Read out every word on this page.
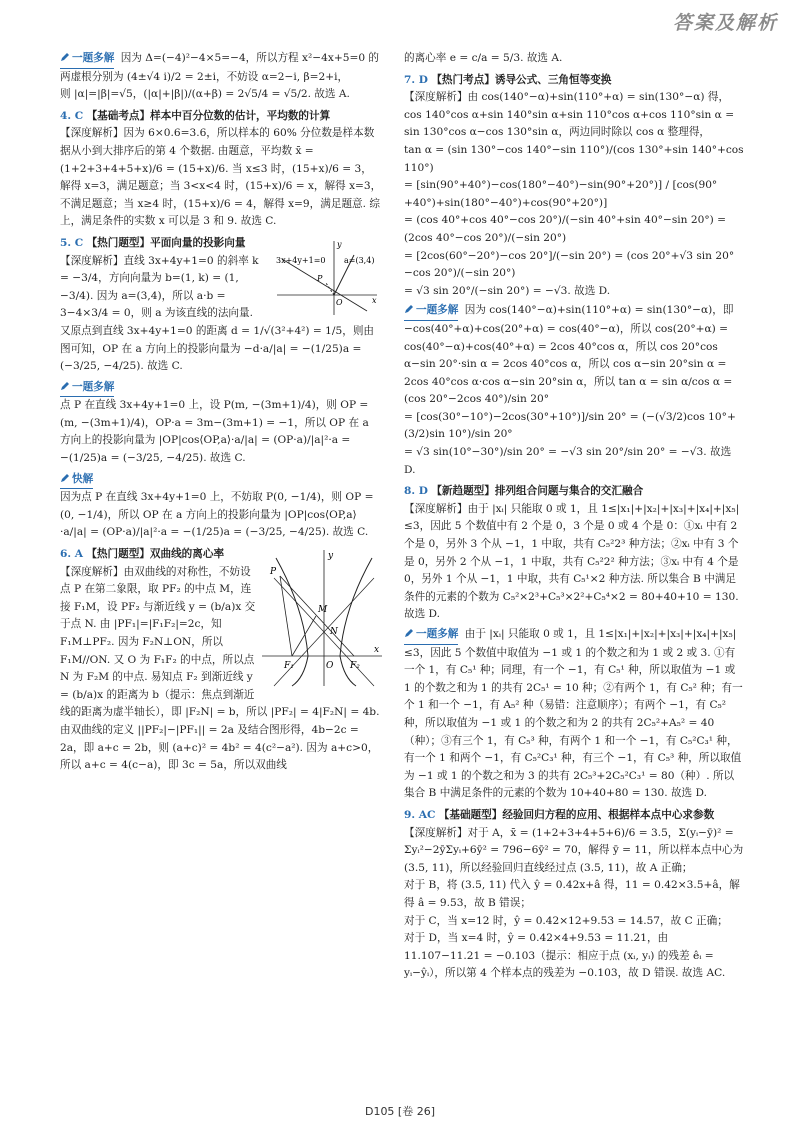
答案及解析
一题多解 因为 Δ=(−4)²−4×5=−4，所以方程 x²−4x+5=0 的两虚根分别为 (4±√4 i)/2 = 2±i，不妨设 α=2−i, β=2+i，
则 |α|=|β|=√5，(|α|+|β|)/(α+β) = 2√5/4 = √5/2. 故选 A.
4. C 【基础考点】样本中百分位数的估计，平均数的计算
【深度解析】因为 6×0.6=3.6，所以样本的 60% 分位数是样本数据从小到大排序后的第 4 个数据. 由题意，平均数 x̄ = (1+2+3+4+5+x)/6 = (15+x)/6. 当 x≤3 时，(15+x)/6 = 3，解得 x=3，满足题意；当 3<x<4 时，(15+x)/6 = x，解得 x=3，不满足题意；当 x≥4 时，(15+x)/6 = 4，解得 x=9，满足题意. 综上，满足条件的实数 x 可以是 3 和 9. 故选 C.
5. C 【热门题型】平面向量的投影向量
3x+4y+1=0 a=(3,4)
P
O	x
y
【深度解析】直线 3x+4y+1=0 的斜率 k = −3/4，方向向量为 b=(1, k) = (1, −3/4). 因为 a=(3,4)，所以 a·b = 3−4×3/4 = 0，则 a 为该直线的法向量.
又原点到直线 3x+4y+1=0 的距离 d = 1/√(3²+4²) = 1/5，则由图可知，OP 在 a 方向上的投影向量为 −d·a/|a| = −(1/25)a = (−3/25, −4/25). 故选 C.
一题多解
点 P 在直线 3x+4y+1=0 上，设 P(m, −(3m+1)/4)，则 OP = (m, −(3m+1)/4)，OP·a = 3m−(3m+1) = −1，所以 OP 在 a 方向上的投影向量为 |OP|cos⟨OP,a⟩·a/|a| = (OP·a)/|a|²·a = −(1/25)a = (−3/25, −4/25). 故选 C.
快解
因为点 P 在直线 3x+4y+1=0 上，不妨取 P(0, −1/4)，则 OP = (0, −1/4)，所以 OP 在 a 方向上的投影向量为 |OP|cos⟨OP,a⟩·a/|a| = (OP·a)/|a|²·a = −(1/25)a = (−3/25, −4/25). 故选 C.
6. A 【热门题型】双曲线的离心率
P
M
N
F₁	O F₂
x
y
【深度解析】由双曲线的对称性，不妨设点 P 在第二象限，取 PF₂ 的中点 M，连接 F₁M，设 PF₂ 与渐近线 y = (b/a)x 交于点 N. 由 |PF₁|=|F₁F₂|=2c，知 F₁M⊥PF₂. 因为 F₂N⊥ON，所以 F₁M//ON. 又 O 为 F₁F₂ 的中点，所以点 N 为 F₂M 的中点. 易知点 F₂ 到渐近线 y = (b/a)x 的距离为 b（提示：焦点到渐近线的距离为虚半轴长），即 |F₂N| = b，所以 |PF₂| = 4|F₂N| = 4b. 由双曲线的定义 ||PF₂|−|PF₁|| = 2a 及结合图形得，4b−2c = 2a，即 a+c = 2b，则 (a+c)² = 4b² = 4(c²−a²). 因为 a+c>0，所以 a+c = 4(c−a)，即 3c = 5a，所以双曲线
的离心率 e = c/a = 5/3. 故选 A.
7. D 【热门考点】诱导公式、三角恒等变换
【深度解析】由 cos(140°−α)+sin(110°+α) = sin(130°−α) 得，cos 140°cos α+sin 140°sin α+sin 110°cos α+cos 110°sin α = sin 130°cos α−cos 130°sin α，两边同时除以 cos α 整理得，
tan α = (sin 130°−cos 140°−sin 110°)/(cos 130°+sin 140°+cos 110°)
= [sin(90°+40°)−cos(180°−40°)−sin(90°+20°)] / [cos(90°+40°)+sin(180°−40°)+cos(90°+20°)]
= (cos 40°+cos 40°−cos 20°)/(−sin 40°+sin 40°−sin 20°) = (2cos 40°−cos 20°)/(−sin 20°)
= [2cos(60°−20°)−cos 20°]/(−sin 20°) = (cos 20°+√3 sin 20°−cos 20°)/(−sin 20°)
= √3 sin 20°/(−sin 20°) = −√3. 故选 D.
一题多解 因为 cos(140°−α)+sin(110°+α) = sin(130°−α)，即 −cos(40°+α)+cos(20°+α) = cos(40°−α)，所以 cos(20°+α) = cos(40°−α)+cos(40°+α) = 2cos 40°cos α，所以 cos 20°cos α−sin 20°·sin α = 2cos 40°cos α，所以 cos α−sin 20°sin α = 2cos 40°cos α·cos α−sin 20°sin α，所以 tan α = sin α/cos α = (cos 20°−2cos 40°)/sin 20°
= [cos(30°−10°)−2cos(30°+10°)]/sin 20° = (−(√3/2)cos 10°+(3/2)sin 10°)/sin 20°
= √3 sin(10°−30°)/sin 20° = −√3 sin 20°/sin 20° = −√3. 故选 D.
8. D 【新趋题型】排列组合问题与集合的交汇融合
【深度解析】由于 |xᵢ| 只能取 0 或 1，且 1≤|x₁|+|x₂|+|x₃|+|x₄|+|x₅|≤3，因此 5 个数值中有 2 个是 0，3 个是 0 或 4 个是 0：①xᵢ 中有 2 个是 0，另外 3 个从 −1，1 中取，共有 C₅²2³ 种方法；②xᵢ 中有 3 个是 0，另外 2 个从 −1，1 中取，共有 C₅²2² 种方法；③xᵢ 中有 4 个是 0，另外 1 个从 −1，1 中取，共有 C₅¹×2 种方法. 所以集合 B 中满足条件的元素的个数为 C₅²×2³+C₅³×2²+C₅⁴×2 = 80+40+10 = 130. 故选 D.
一题多解 由于 |xᵢ| 只能取 0 或 1，且 1≤|x₁|+|x₂|+|x₃|+|x₄|+|x₅|≤3，因此 5 个数值中取值为 −1 或 1 的个数之和为 1 或 2 或 3. ①有一个 1，有 C₅¹ 种；同理，有一个 −1，有 C₅¹ 种，所以取值为 −1 或 1 的个数之和为 1 的共有 2C₅¹ = 10 种；②有两个 1，有 C₅² 种；有一个 1 和一个 −1，有 A₅² 种（易错：注意顺序）；有两个 −1，有 C₅² 种，所以取值为 −1 或 1 的个数之和为 2 的共有 2C₅²+A₅² = 40（种）；③有三个 1，有 C₅³ 种，有两个 1 和一个 −1，有 C₅²C₃¹ 种，有一个 1 和两个 −1，有 C₅²C₃¹ 种，有三个 −1，有 C₅³ 种，所以取值为 −1 或 1 的个数之和为 3 的共有 2C₅³+2C₅²C₃¹ = 80（种）. 所以集合 B 中满足条件的元素的个数为 10+40+80 = 130. 故选 D.
9. AC 【基础题型】经验回归方程的应用、根据样本点中心求参数
【深度解析】对于 A，x̄ = (1+2+3+4+5+6)/6 = 3.5，Σ(yᵢ−ȳ)² = Σyᵢ²−2ȳΣyᵢ+6ȳ² = 796−6ȳ² = 70，解得 ȳ = 11，所以样本点中心为 (3.5, 11)，所以经验回归直线经过点 (3.5, 11)，故 A 正确；
对于 B，将 (3.5, 11) 代入 ŷ = 0.42x+â 得，11 = 0.42×3.5+â，解得 â = 9.53，故 B 错误；
对于 C，当 x=12 时，ŷ = 0.42×12+9.53 = 14.57，故 C 正确；
对于 D，当 x=4 时，ŷ = 0.42×4+9.53 = 11.21，由 11.107−11.21 = −0.103（提示：相应于点 (xᵢ, yᵢ) 的残差 êᵢ = yᵢ−ŷᵢ），所以第 4 个样本点的残差为 −0.103，故 D 错误. 故选 AC.
D105 [卷 26]
